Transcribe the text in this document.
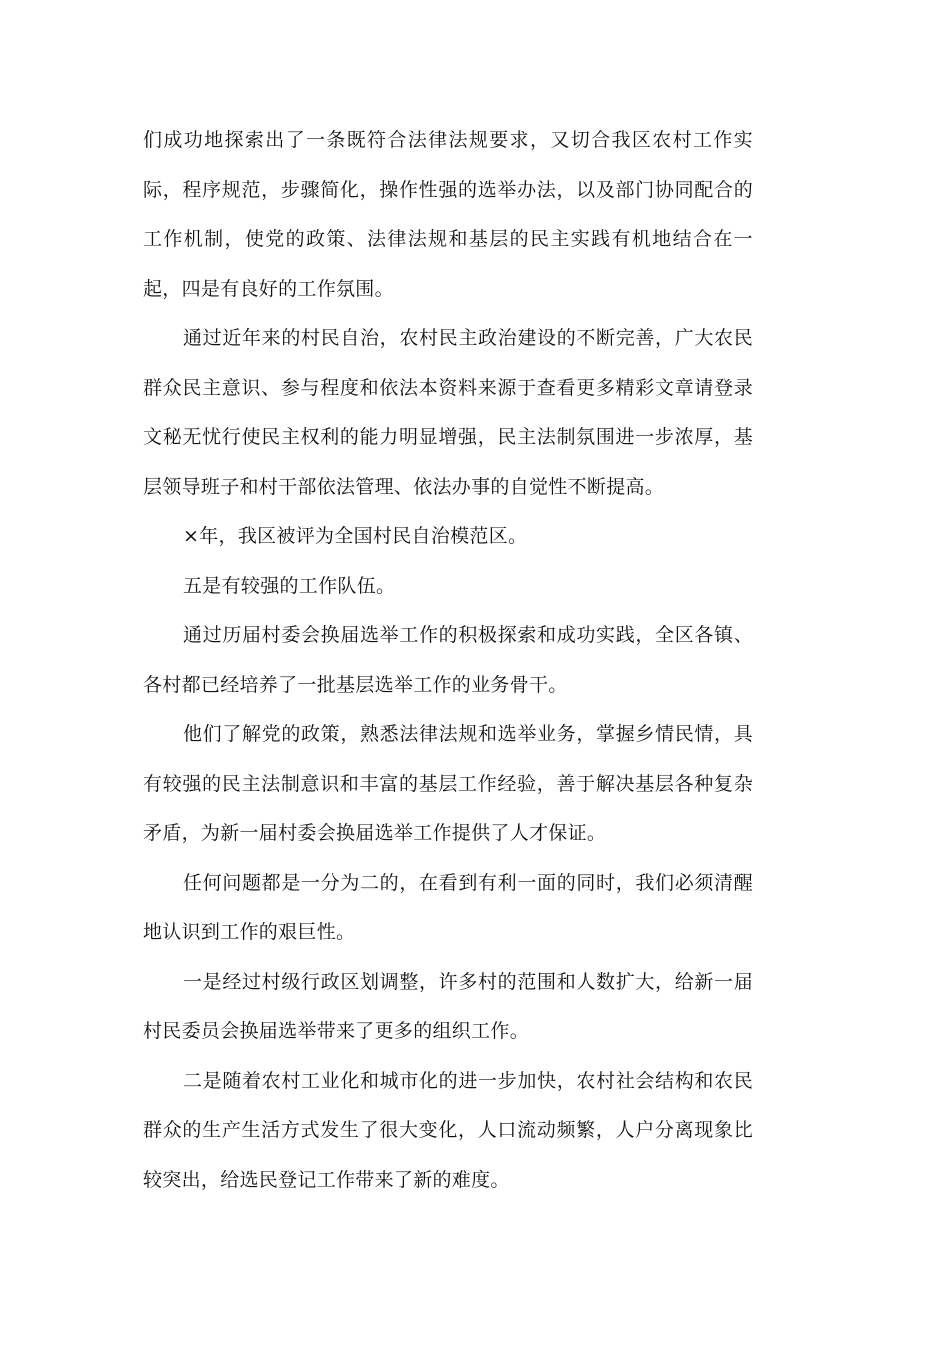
们成功地探索出了一条既符合法律法规要求，又切合我区农村工作实际，程序规范，步骤简化，操作性强的选举办法，以及部门协同配合的工作机制，使党的政策、法律法规和基层的民主实践有机地结合在一起，四是有良好的工作氛围。

通过近年来的村民自治，农村民主政治建设的不断完善，广大农民群众民主意识、参与程度和依法本资料来源于查看更多精彩文章请登录文秘无忧行使民主权利的能力明显增强，民主法制氛围进一步浓厚，基层领导班子和村干部依法管理、依法办事的自觉性不断提高。

×年，我区被评为全国村民自治模范区。

五是有较强的工作队伍。

通过历届村委会换届选举工作的积极探索和成功实践，全区各镇、各村都已经培养了一批基层选举工作的业务骨干。

他们了解党的政策，熟悉法律法规和选举业务，掌握乡情民情，具有较强的民主法制意识和丰富的基层工作经验，善于解决基层各种复杂矛盾，为新一届村委会换届选举工作提供了人才保证。

任何问题都是一分为二的，在看到有利一面的同时，我们必须清醒地认识到工作的艰巨性。

一是经过村级行政区划调整，许多村的范围和人数扩大，给新一届村民委员会换届选举带来了更多的组织工作。

二是随着农村工业化和城市化的进一步加快，农村社会结构和农民群众的生产生活方式发生了很大变化，人口流动频繁，人户分离现象比较突出，给选民登记工作带来了新的难度。
